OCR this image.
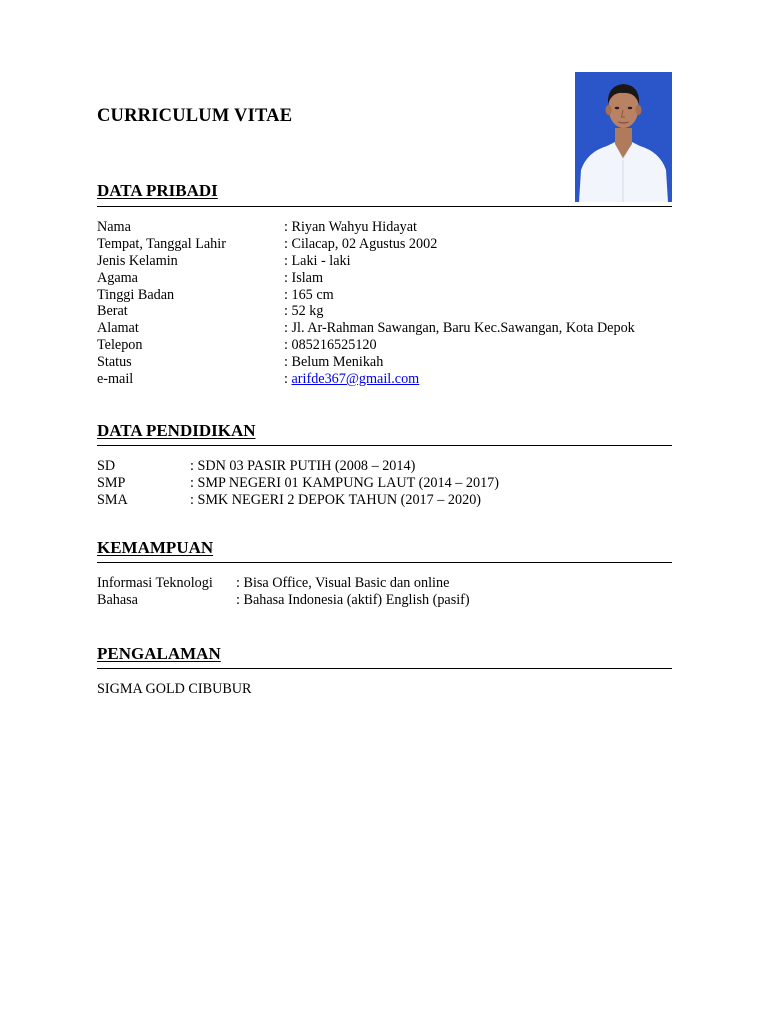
CURRICULUM VITAE
DATA PRIBADI
Nama	: Riyan Wahyu Hidayat
Tempat, Tanggal Lahir	: Cilacap, 02 Agustus 2002
Jenis Kelamin	: Laki - laki
Agama	: Islam
Tinggi Badan	: 165 cm
Berat	: 52 kg
Alamat	: Jl. Ar-Rahman Sawangan, Baru Kec.Sawangan, Kota Depok
Telepon	: 085216525120
Status	: Belum Menikah
e-mail	: arifde367@gmail.com
DATA PENDIDIKAN
SD	: SDN 03 PASIR PUTIH (2008 – 2014)
SMP	: SMP NEGERI 01 KAMPUNG LAUT (2014 – 2017)
SMA	: SMK NEGERI 2 DEPOK TAHUN (2017 – 2020)
KEMAMPUAN
Informasi Teknologi : Bisa Office, Visual Basic dan online
Bahasa	: Bahasa Indonesia (aktif) English (pasif)
PENGALAMAN
SIGMA GOLD CIBUBUR
